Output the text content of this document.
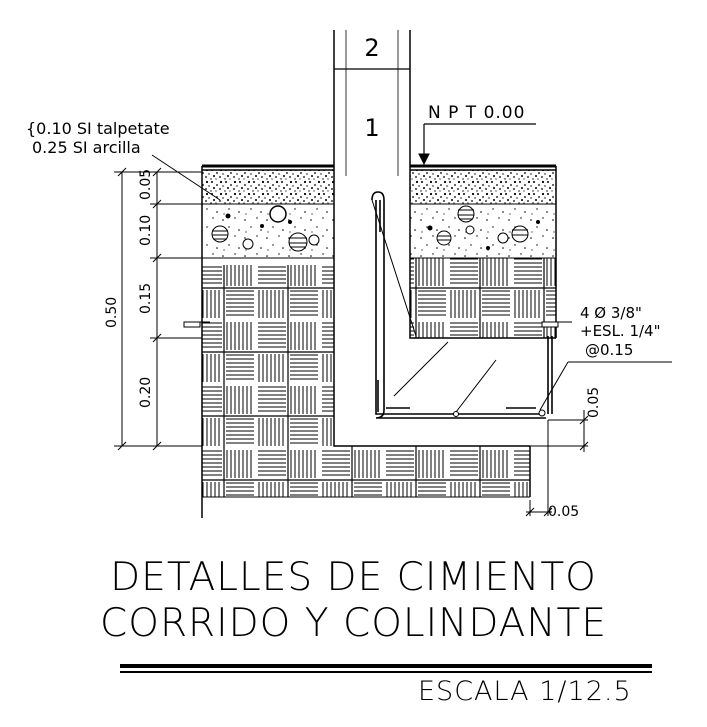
2
1
N P T 0.00
{0.10 SI talpetate
0.25 SI arcilla
0.05
0.10
0.15
0.20
0.50
0.05
0.05
4 Ø 3/8"
+ESL. 1/4"
@0.15
DETALLES DE CIMIENTO
CORRIDO Y COLINDANTE
ESCALA 1/12.5
